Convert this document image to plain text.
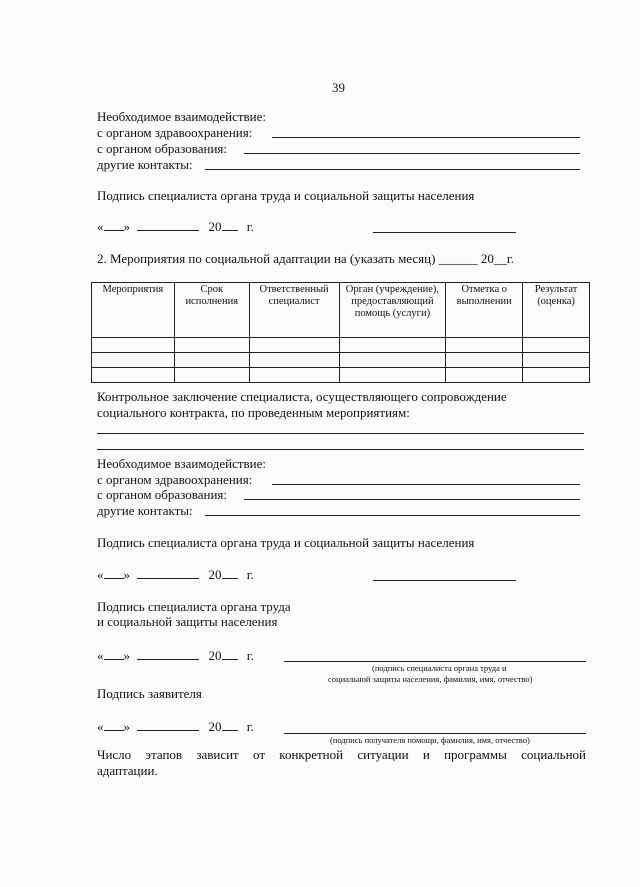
39
Необходимое взаимодействие:
с органом здравоохранения:
с органом образования:
другие контакты:
Подпись специалиста органа труда и социальной защиты населения
« »	20 г.
2. Мероприятия по социальной адаптации на (указать месяц) ______ 20__г.
Мероприятия	Срок исполнения	Ответственный специалист	Орган (учреждение), предоставляющий помощь (услуги)	Отметка о выполнении	Результат (оценка)

Контрольное заключение специалиста, осуществляющего сопровождение
социального контракта, по проведенным мероприятиям:
Необходимое взаимодействие:
с органом здравоохранения:
с органом образования:
другие контакты:
Подпись специалиста органа труда и социальной защиты населения
« »	20 г.
Подпись специалиста органа труда
и социальной защиты населения
« »	20 г.
(подпись специалиста органа труда и
социальной защиты населения, фамилия, имя, отчество)
Подпись заявителя
« »	20 г.
(подпись получателя помощи, фамилия, имя, отчество)
Число этапов зависит от конкретной ситуации и программы социальной
адаптации.
